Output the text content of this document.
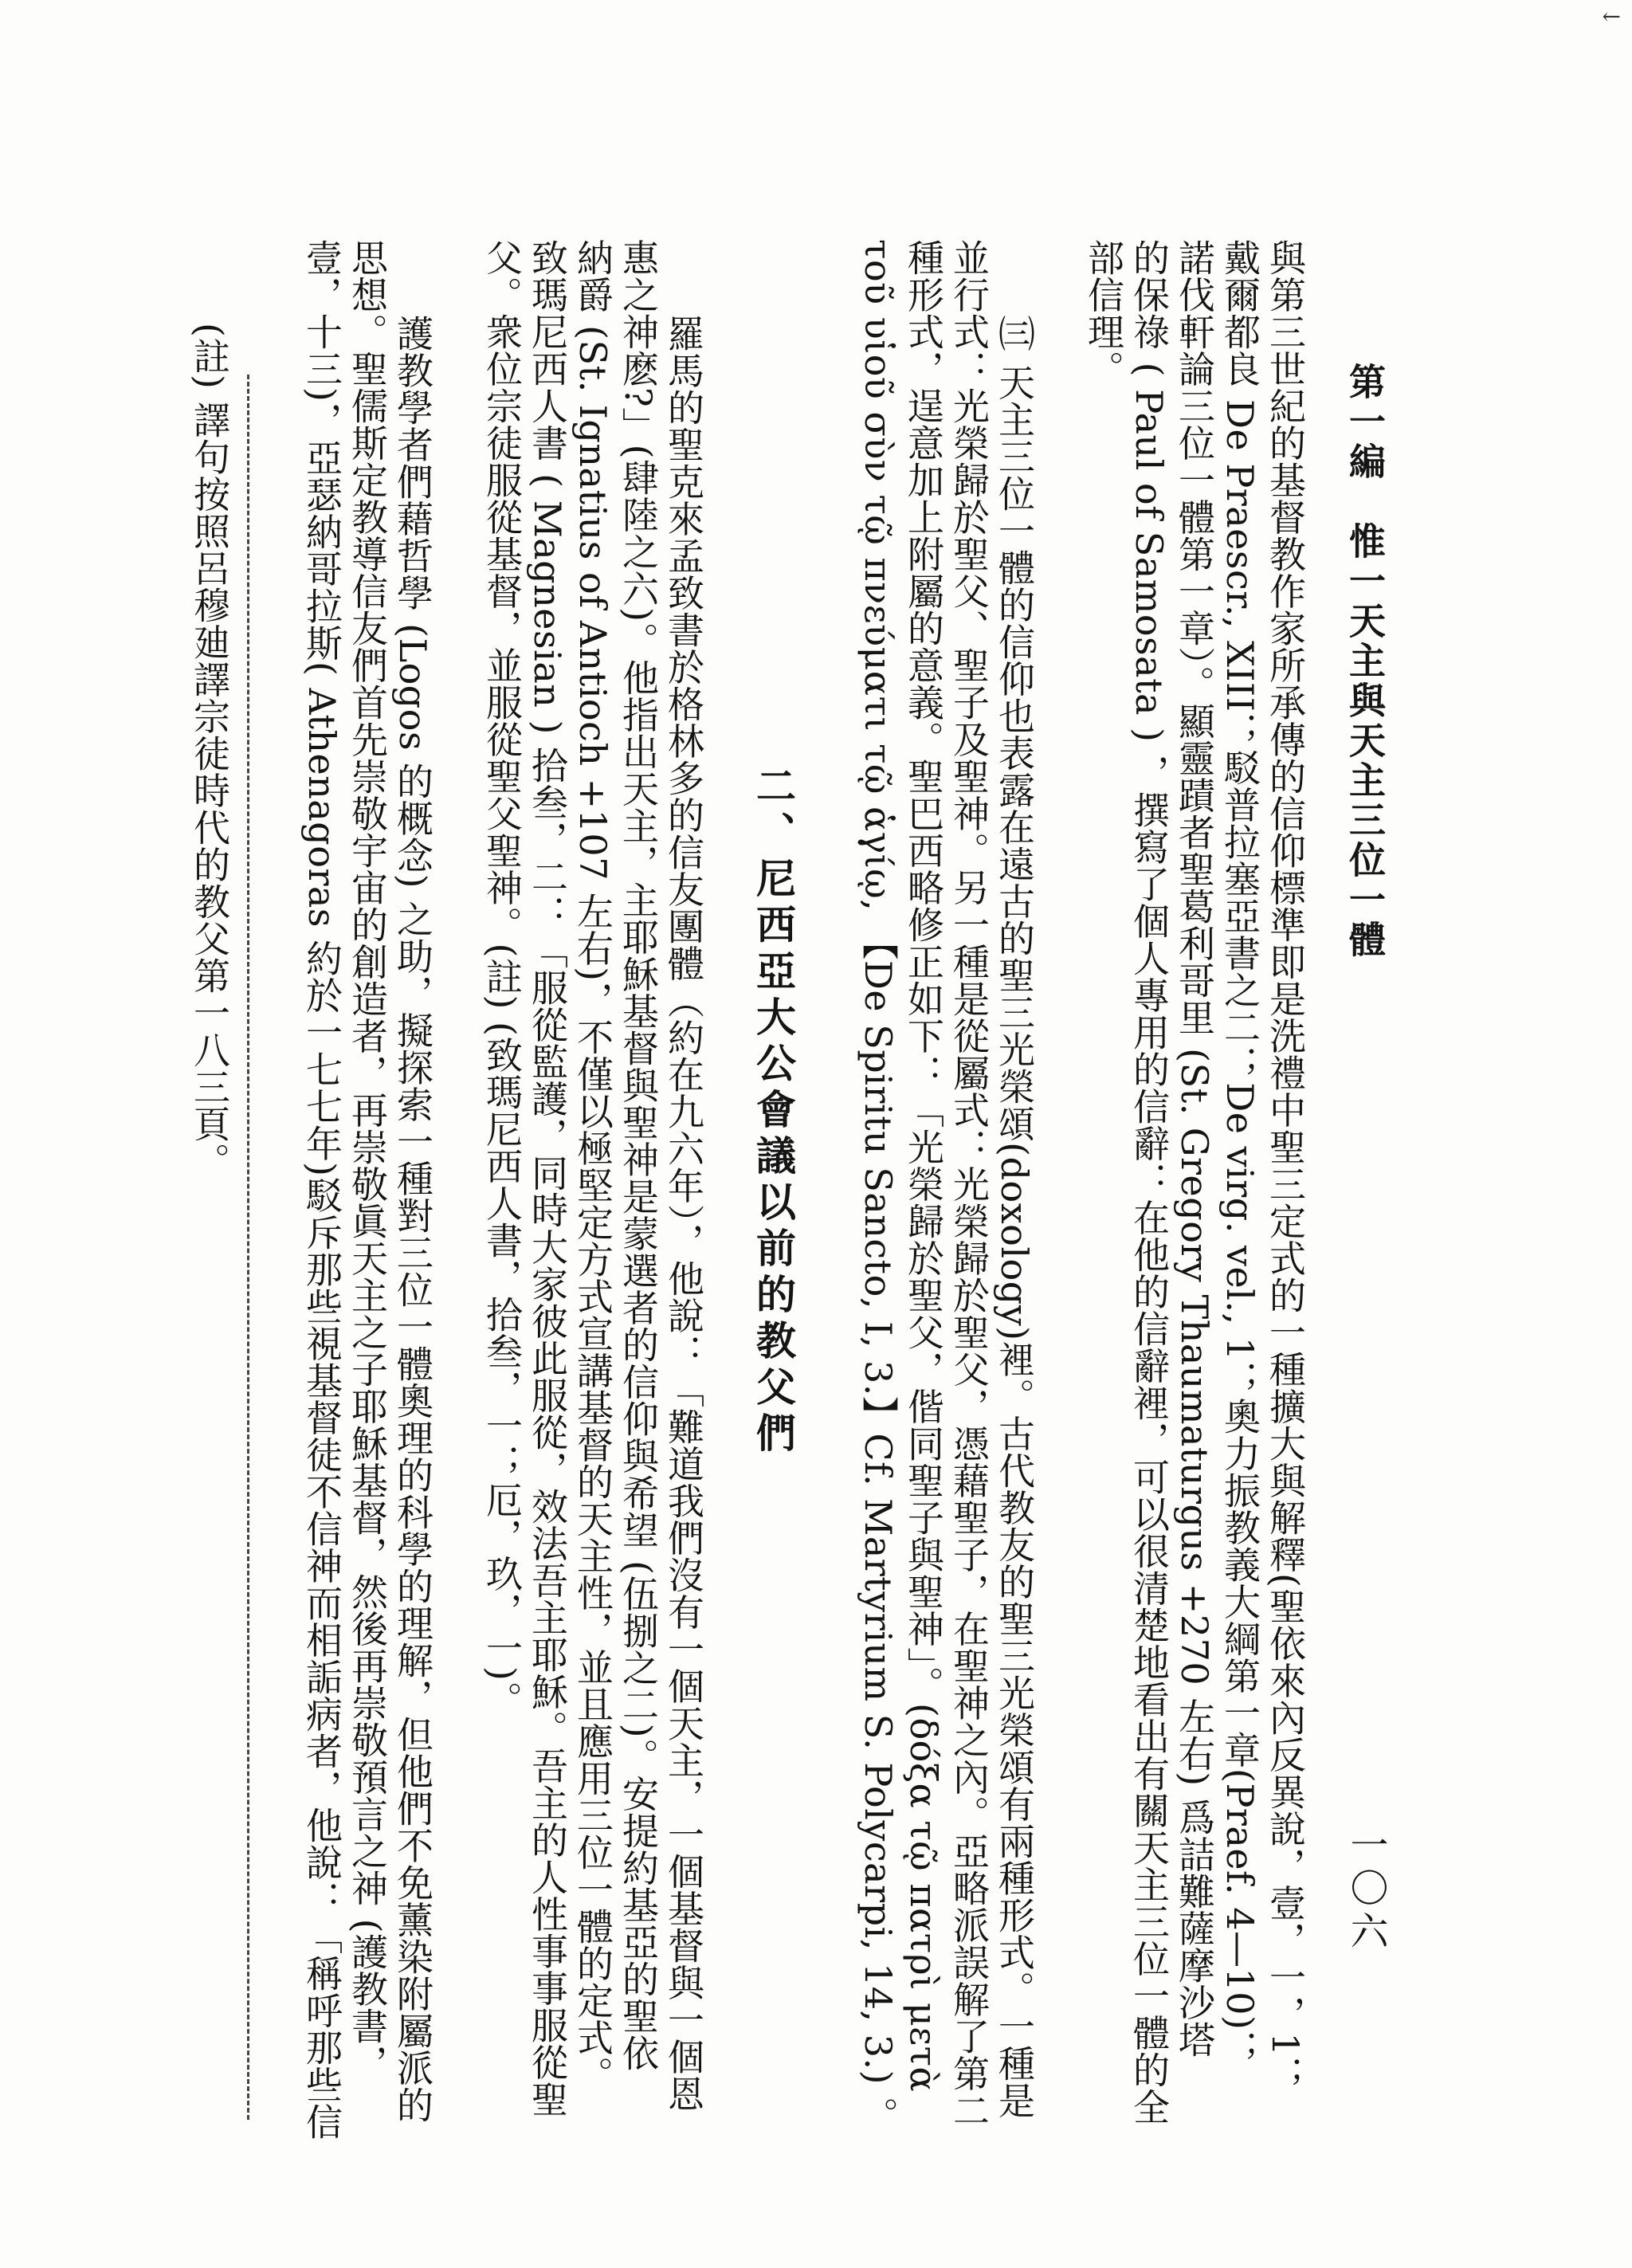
←
第一編　惟一天主與天主三位一體
一〇六
與第三世紀的基督教作家所承傳的信仰標準即是洗禮中聖三定式的一種擴大與解釋(聖依來內反異說，壹，一，1；
戴爾都良 De Praescr., XIII；駁普拉塞亞書之二；De virg. vel., 1；奧力振教義大綱第一章(Praef. 4—10)；
諾伐軒論三位一體第一章）。顯靈蹟者聖葛利哥里 (St. Gregory Thaumaturgus +270 左右) 爲詰難薩摩沙塔
的保祿 ( Paul of Samosata ) ，撰寫了個人專用的信辭：在他的信辭裡，可以很清楚地看出有關天主三位一體的全
部信理。
㈢ 天主三位一體的信仰也表露在遠古的聖三光榮頌(doxology)裡。古代教友的聖三光榮頌有兩種形式。一種是
並行式：光榮歸於聖父、聖子及聖神。另一種是從屬式：光榮歸於聖父，憑藉聖子，在聖神之內。亞略派誤解了第二
種形式，逞意加上附屬的意義。聖巴西略修正如下：「光榮歸於聖父，偕同聖子與聖神」。(δόξα τῷ πατρὶ μετὰ
τοῦ υἱοῦ σὺν τῷ πνεύματι τῷ ἁγίῳ, 【De Spiritu Sancto, I, 3.】Cf. Martyrium S. Polycarpi, 14, 3.) 。
二、尼西亞大公會議以前的教父們
羅馬的聖克來孟致書於格林多的信友團體（約在九六年），他說：「難道我們沒有一個天主，一個基督與一個恩
惠之神麽?」(肆陸之六)。他指出天主，主耶穌基督與聖神是蒙選者的信仰與希望 (伍捌之二)。安提約基亞的聖依
納爵 (St. Ignatius of Antioch +107 左右)，不僅以極堅定方式宣講基督的天主性，並且應用三位一體的定式。
致瑪尼西人書 ( Magnesian ) 拾叁，二：「服從監護，同時大家彼此服從，效法吾主耶穌。吾主的人性事事服從聖
父。衆位宗徒服從基督，並服從聖父聖神。(註) (致瑪尼西人書，拾叁，一；厄，玖，一)。
護教學者們藉哲學 (Logos 的概念) 之助，擬探索一種對三位一體奧理的科學的理解，但他們不免薰染附屬派的
思想。聖儒斯定教導信友們首先崇敬宇宙的創造者，再崇敬眞天主之子耶穌基督，然後再崇敬預言之神 (護教書，
壹，十三)，亞瑟納哥拉斯( Athenagoras 約於一七七年)駁斥那些視基督徒不信神而相詬病者，他說：「稱呼那些信
(註) 譯句按照呂穆廸譯宗徒時代的教父第一八三頁。
